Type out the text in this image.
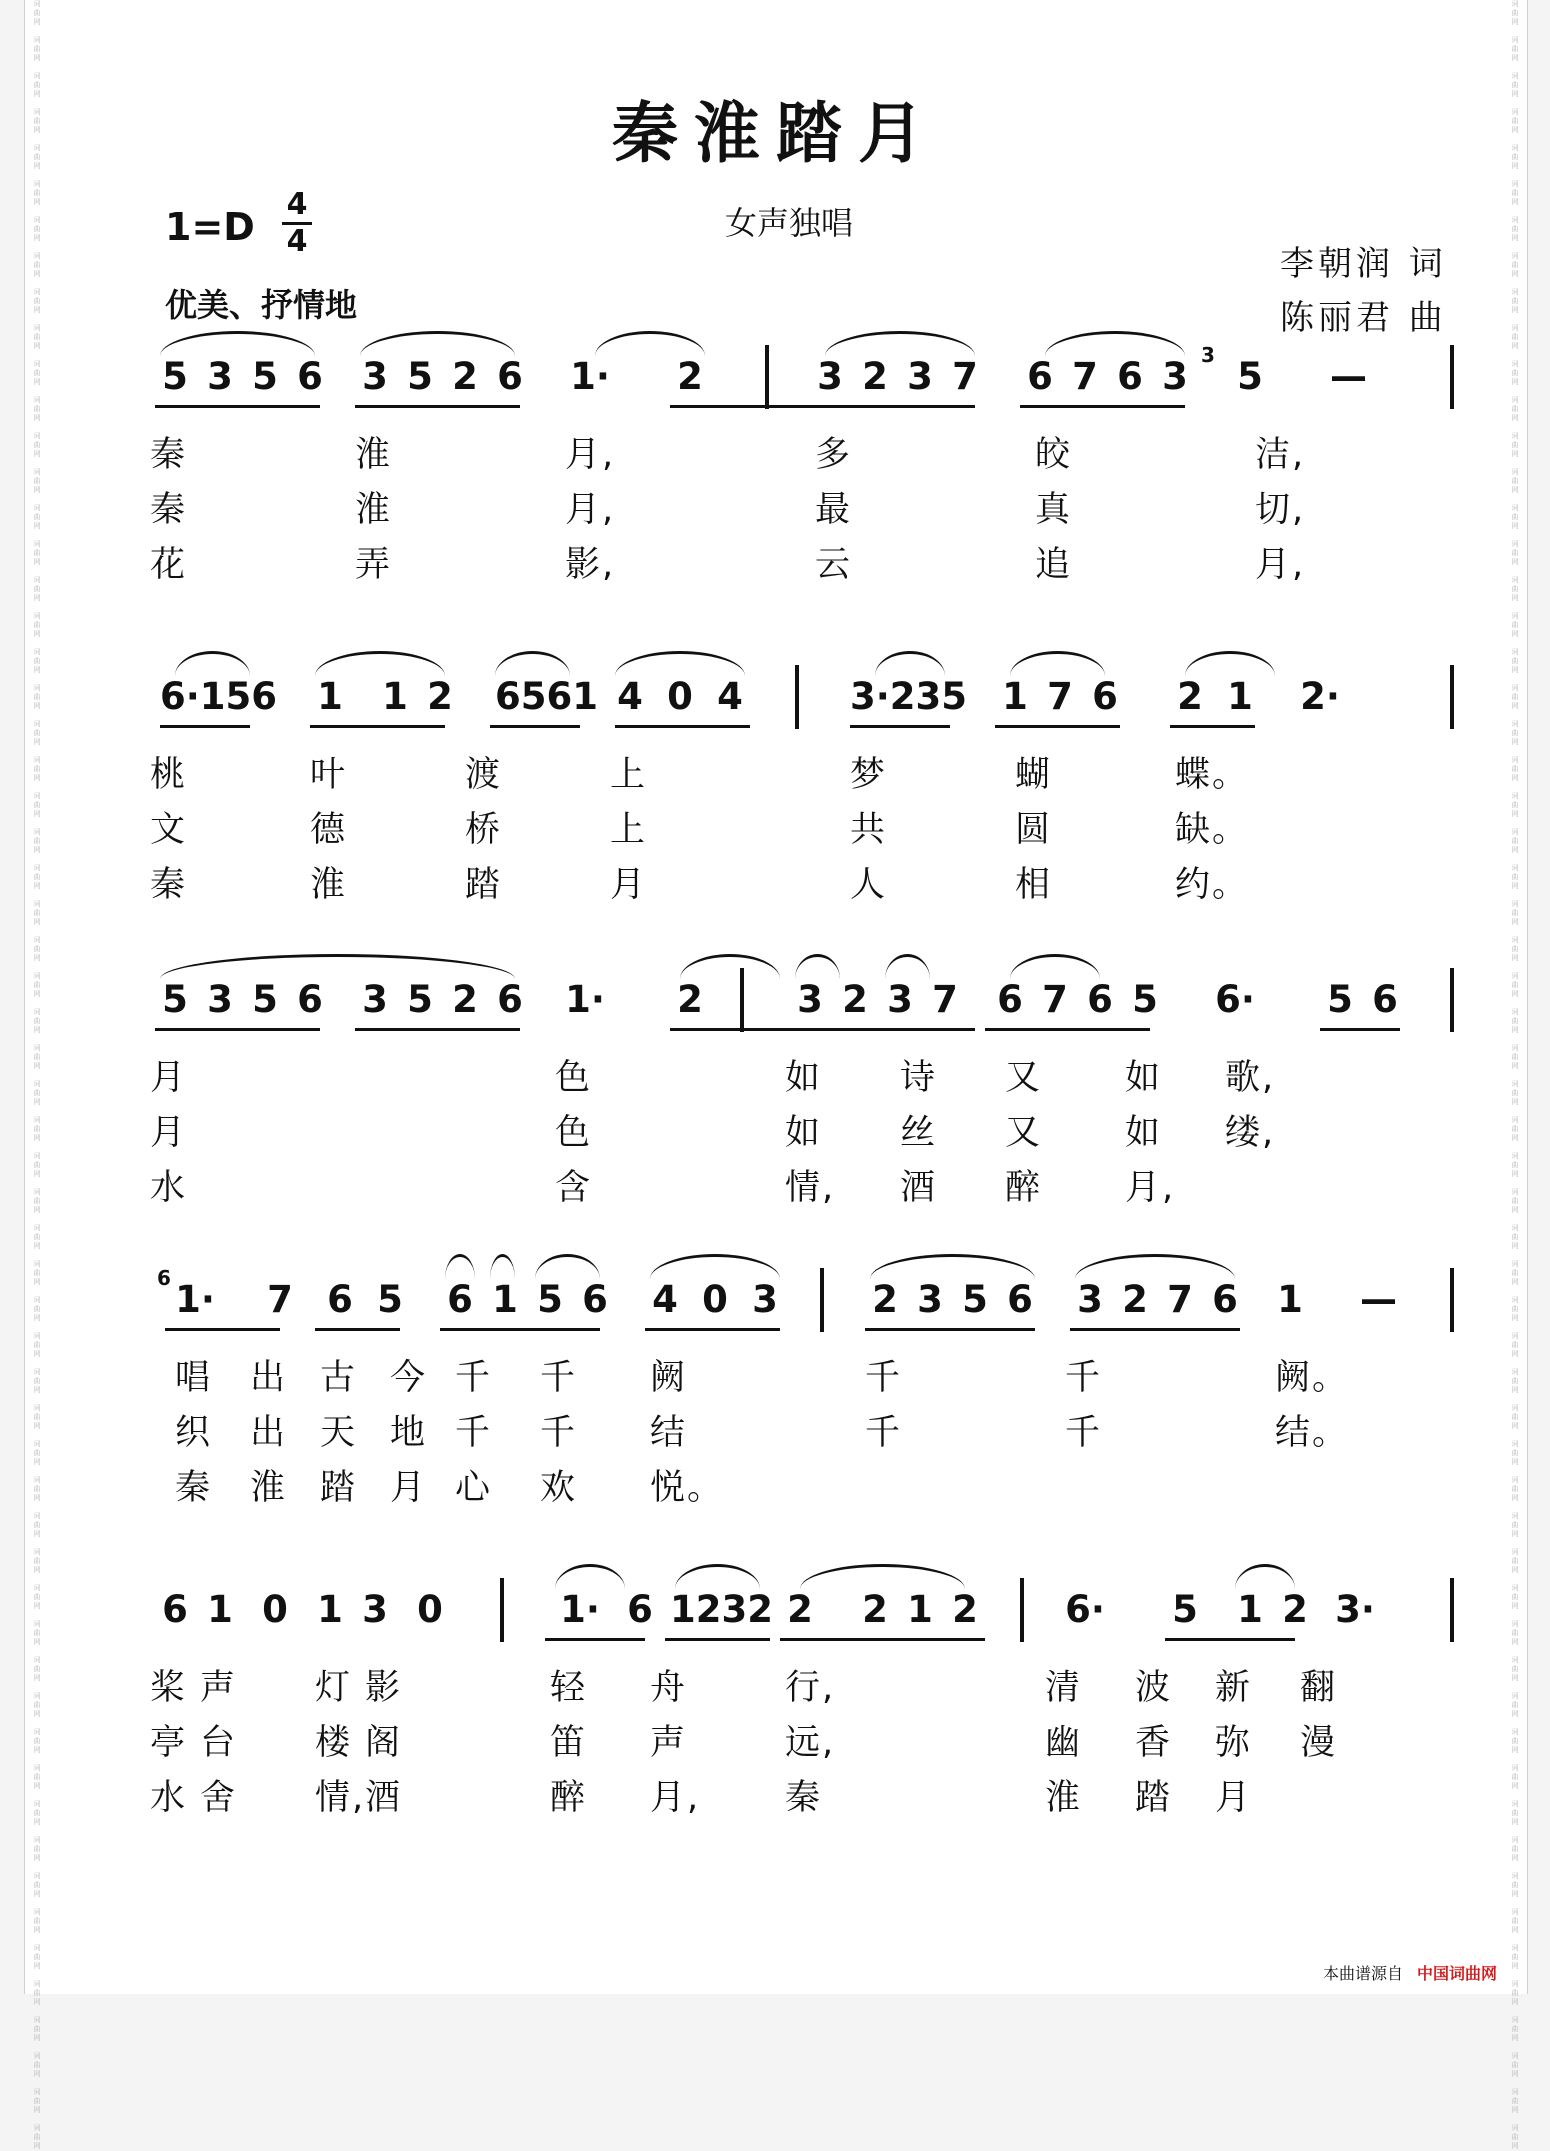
词
曲
网

词
曲
网

词
曲
网

词
曲
网

词
曲
网

词
曲
网

词
曲
网

词
曲
网

词
曲
网

词
曲
网

词
曲
网

词
曲
网

词
曲
网

词
曲
网

词
曲
网

词
曲
网

词
曲
网

词
曲
网

词
曲
网

词
曲
网

词
曲
网

词
曲
网

词
曲
网

词
曲
网

词
曲
网

词
曲
网

词
曲
网

词
曲
网

词
曲
网

词
曲
网

词
曲
网

词
曲
网

词
曲
网

词
曲
网

词
曲
网

词
曲
网

词
曲
网

词
曲
网

词
曲
网

词
曲
网

词
曲
网

词
曲
网

词
曲
网

词
曲
网

词
曲
网

词
曲
网

词
曲
网

词
曲
网

词
曲
网

词
曲
网

词
曲
网

词
曲
网

词
曲
网

词
曲
网

词
曲
网

词
曲
网

词
曲
网

词
曲
网

词
曲
网

词
曲
网

词
曲
网

词
曲
网

词
曲
网

词
曲
网

词
曲
网

词
曲
网

词
曲
网

词
曲
网

词
曲
网

词
曲
网

词
曲
网

词
曲
网

词
曲
网

词
曲
网

词
曲
网

词
曲
网

词
曲
网

词
曲
网

词
曲
网

词
曲
网

词
曲
网

词
曲
网

词
曲
网

词
曲
网

词
曲
网

词
曲
网

词
曲
网

词
曲
网

词
曲
网

词
曲
网

词
曲
网

词
曲
网

词
曲
网

词
曲
网

词
曲
网

词
曲
网

词
曲
网

词
曲
网

词
曲
网

词
曲
网

词
曲
网

词
曲
网

词
曲
网

词
曲
网

词
曲
网

词
曲
网

词
曲
网

词
曲
网

词
曲
网

词
曲
网

词
曲
网

词
曲
网

词
曲
网

词
曲
网

词
曲
网

词
曲
网

词
曲
网

词
曲
网

词
曲
网

词
曲
网

秦淮踏月
女声独唱
1=D
4
4
优美、抒情地
李朝润 词
陈丽君 曲
5 3 5 6 3 5 2 6 1· 2	3 2 3 7 6 7 6 3 5 —
3
秦	淮	月,	多	皎	洁,
秦	淮	月,	最	真	切,
花	弄	影,	云	追	月,
6·156 1 1 2 6561 4 0 4	3·235 1 7 6 2 1 2·
桃	叶	渡	上	梦	蝴	蝶。
文	德	桥	上	共	圆	缺。
秦	淮	踏	月	人	相	约。
5 3 5 6 3 5 2 6 1· 2	3 2 3 7 6 7 6 5 6· 5 6
月	色	如 诗 又 如 歌,
月	色	如 丝 又 如 缕,
水	含	情, 酒 醉 月,
1· 7 6 5 6 1 5 6 4 0 3	2 3 5 6 3 2 7 6 1 —
6
唱 出 古 今 千 千 阙	千	千	阙。
织 出 天 地 千 千 结	千	千	结。
秦 淮 踏 月 心 欢 悦。
6 1 0 1 3 0	1· 6 1232 2 2 1 2 6· 5 1 2 3·
桨 声 灯 影	轻 舟	行,	清 波 新 翻
亭 台 楼 阁	笛 声	远,	幽 香 弥 漫
水 舍 情, 酒	醉 月, 秦	淮 踏 月
本曲谱源自 中国词曲网
